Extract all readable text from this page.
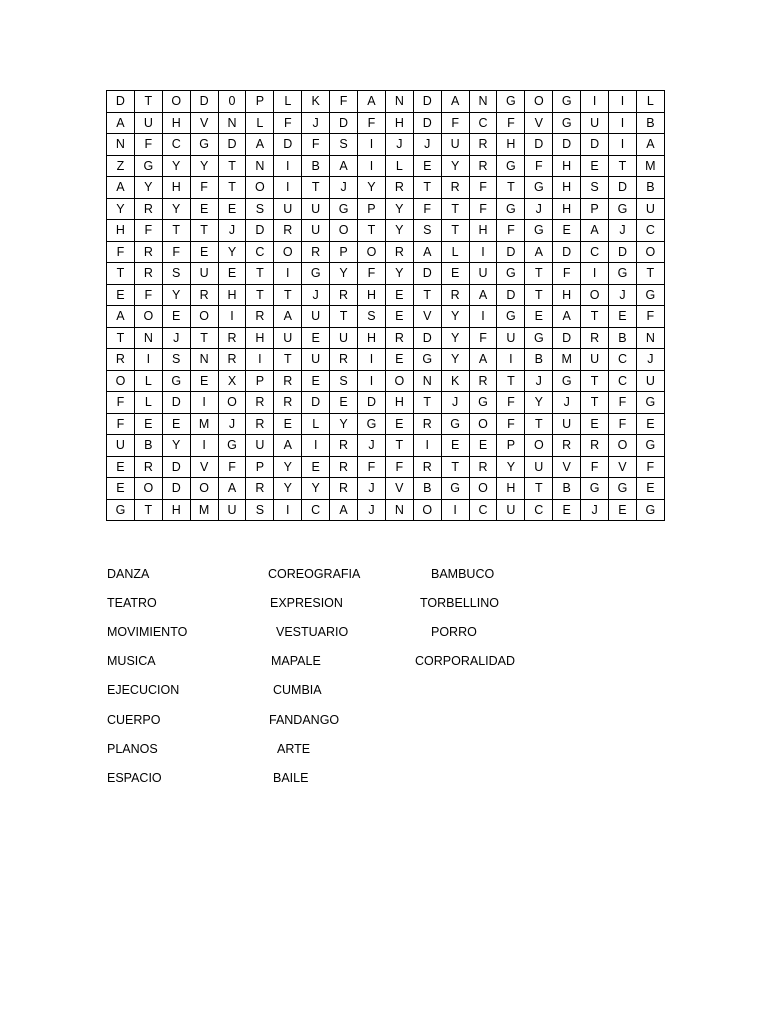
D	T	O	D	0	P	L	K	F	A	N	D	A	N	G	O	G	I	I	L
A	U	H	V	N	L	F	J	D	F	H	D	F	C	F	V	G	U	I	B
N	F	C	G	D	A	D	F	S	I	J	J	U	R	H	D	D	D	I	A
Z	G	Y	Y	T	N	I	B	A	I	L	E	Y	R	G	F	H	E	T	M
A	Y	H	F	T	O	I	T	J	Y	R	T	R	F	T	G	H	S	D	B
Y	R	Y	E	E	S	U	U	G	P	Y	F	T	F	G	J	H	P	G	U
H	F	T	T	J	D	R	U	O	T	Y	S	T	H	F	G	E	A	J	C
F	R	F	E	Y	C	O	R	P	O	R	A	L	I	D	A	D	C	D	O
T	R	S	U	E	T	I	G	Y	F	Y	D	E	U	G	T	F	I	G	T
E	F	Y	R	H	T	T	J	R	H	E	T	R	A	D	T	H	O	J	G
A	O	E	O	I	R	A	U	T	S	E	V	Y	I	G	E	A	T	E	F
T	N	J	T	R	H	U	E	U	H	R	D	Y	F	U	G	D	R	B	N
R	I	S	N	R	I	T	U	R	I	E	G	Y	A	I	B	M	U	C	J
O	L	G	E	X	P	R	E	S	I	O	N	K	R	T	J	G	T	C	U
F	L	D	I	O	R	R	D	E	D	H	T	J	G	F	Y	J	T	F	G
F	E	E	M	J	R	E	L	Y	G	E	R	G	O	F	T	U	E	F	E
U	B	Y	I	G	U	A	I	R	J	T	I	E	E	P	O	R	R	O	G
E	R	D	V	F	P	Y	E	R	F	F	R	T	R	Y	U	V	F	V	F
E	O	D	O	A	R	Y	Y	R	J	V	B	G	O	H	T	B	G	G	E
G	T	H	M	U	S	I	C	A	J	N	O	I	C	U	C	E	J	E	G
DANZA
TEATRO
MOVIMIENTO
MUSICA
EJECUCION
CUERPO
PLANOS
ESPACIO
COREOGRAFIA
EXPRESION
VESTUARIO
MAPALE
CUMBIA
FANDANGO
ARTE
BAILE
BAMBUCO
TORBELLINO
PORRO
CORPORALIDAD
